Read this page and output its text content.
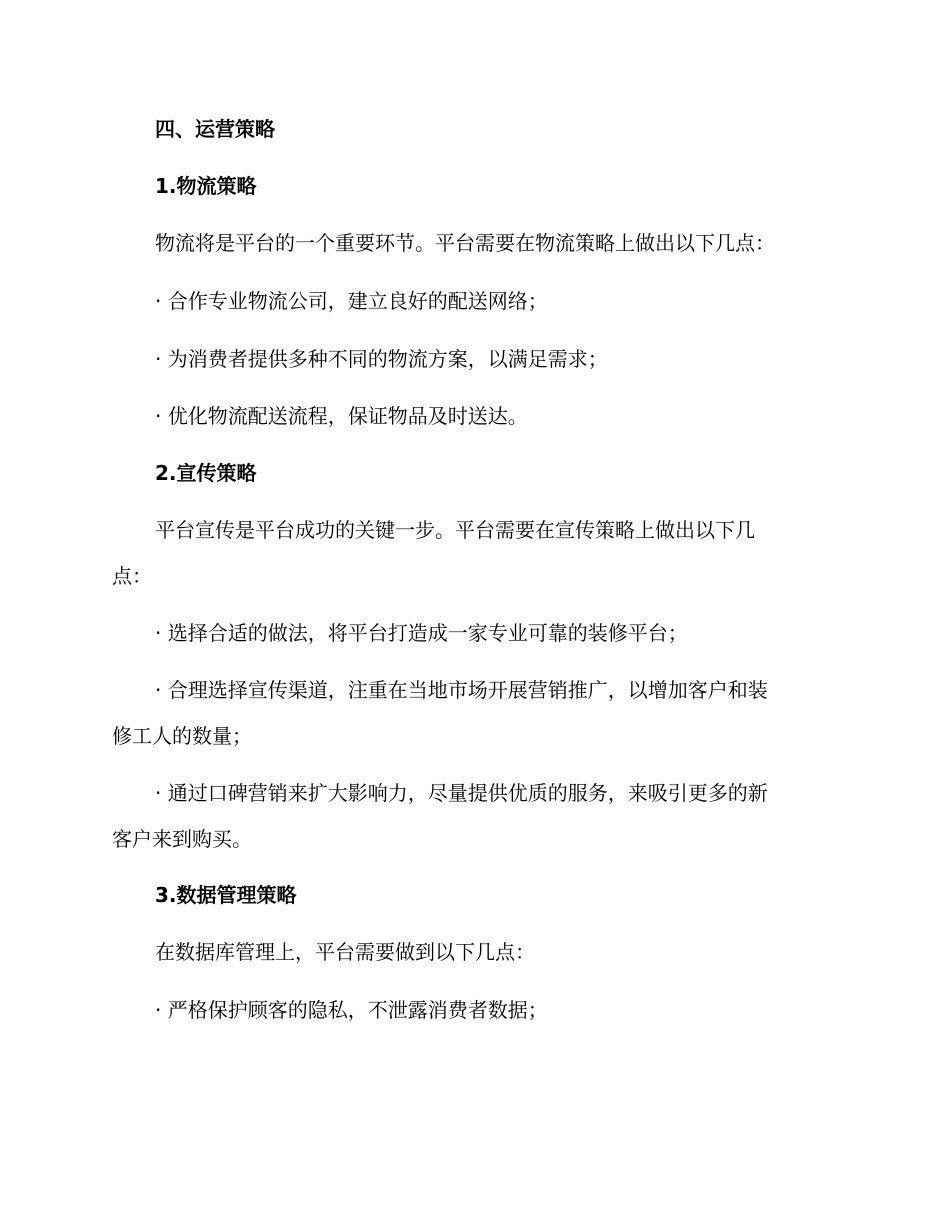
四、运营策略

1.物流策略

物流将是平台的一个重要环节。平台需要在物流策略上做出以下几点：

· 合作专业物流公司，建立良好的配送网络；

· 为消费者提供多种不同的物流方案，以满足需求；

· 优化物流配送流程，保证物品及时送达。

2.宣传策略

平台宣传是平台成功的关键一步。平台需要在宣传策略上做出以下几

点：

· 选择合适的做法，将平台打造成一家专业可靠的装修平台；

· 合理选择宣传渠道，注重在当地市场开展营销推广，以增加客户和装

修工人的数量；

· 通过口碑营销来扩大影响力，尽量提供优质的服务，来吸引更多的新

客户来到购买。

3.数据管理策略

在数据库管理上，平台需要做到以下几点：

· 严格保护顾客的隐私，不泄露消费者数据；
